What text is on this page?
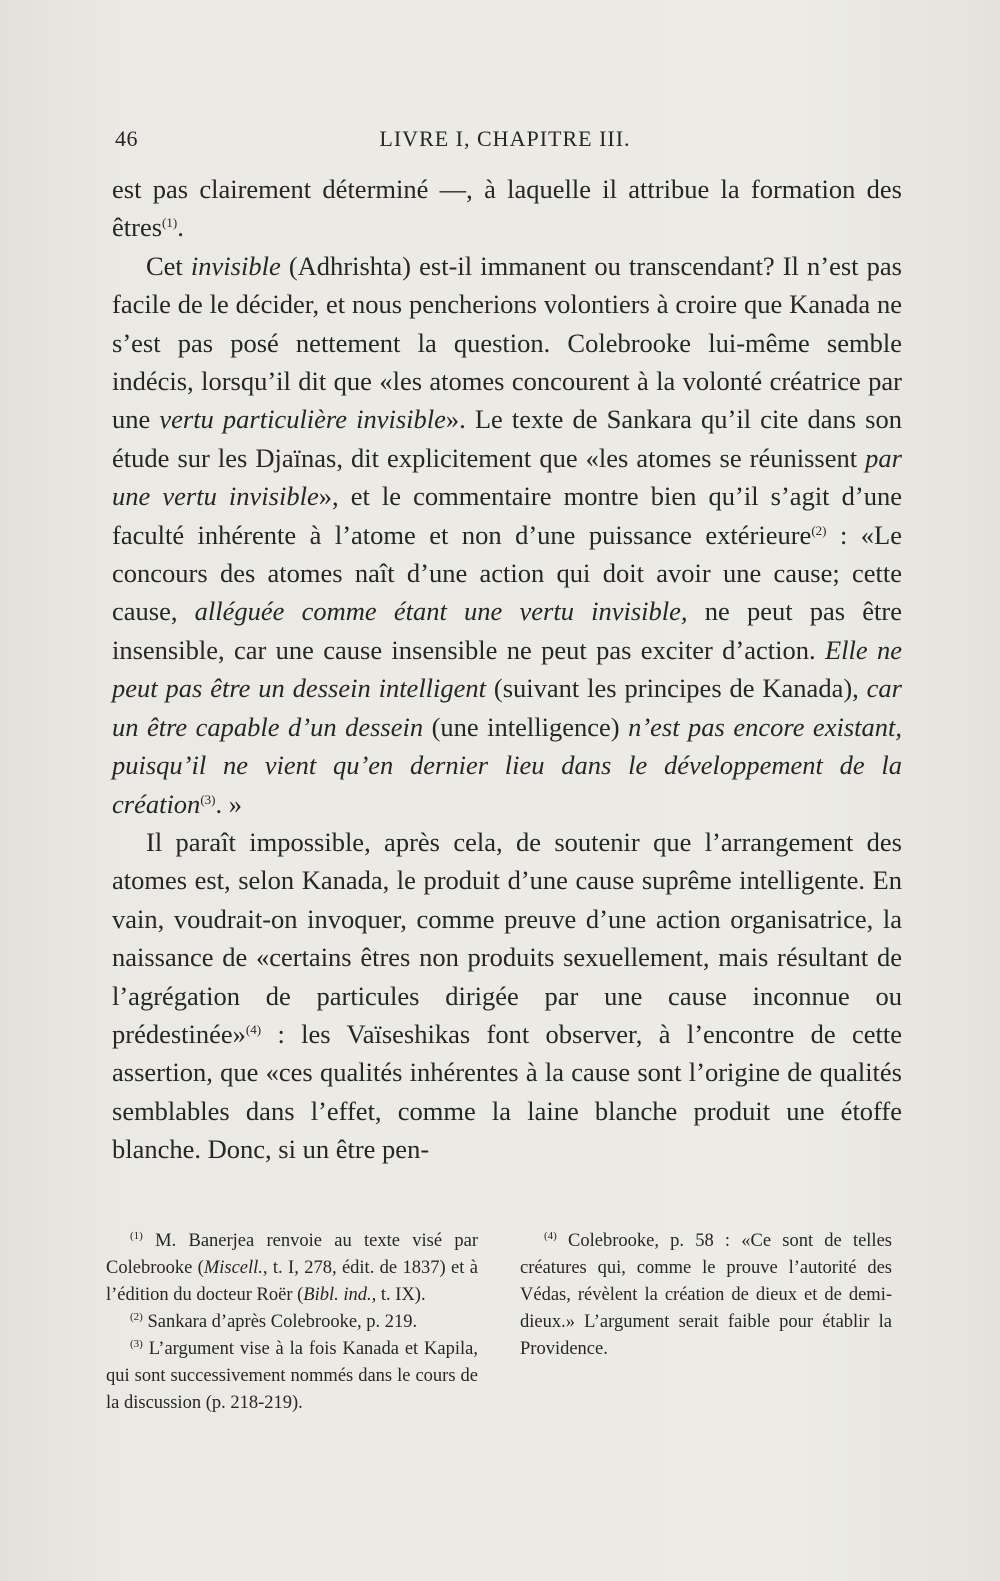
46	LIVRE I, CHAPITRE III.

est pas clairement déterminé —, à laquelle il attribue la formation des êtres$^{(1)}$.

Cet invisible (Adhrishta) est-il immanent ou transcendant? Il n’est pas facile de le décider, et nous pencherions volontiers à croire que Kanada ne s’est pas posé nettement la question. Colebrooke lui-même semble indécis, lorsqu’il dit que «les atomes concourent à la volonté créatrice par une vertu particulière invisible». Le texte de Sankara qu’il cite dans son étude sur les Djaïnas, dit explicitement que «les atomes se réunissent par une vertu invisible», et le commentaire montre bien qu’il s’agit d’une faculté inhérente à l’atome et non d’une puissance extérieure$^{(2)}$ : «Le concours des atomes naît d’une action qui doit avoir une cause; cette cause, alléguée comme étant une vertu invisible, ne peut pas être insensible, car une cause insensible ne peut pas exciter d’action. Elle ne peut pas être un dessein intelligent (suivant les principes de Kanada), car un être capable d’un dessein (une intelligence) n’est pas encore existant, puisqu’il ne vient qu’en dernier lieu dans le développement de la création$^{(3)}$. »

Il paraît impossible, après cela, de soutenir que l’arrangement des atomes est, selon Kanada, le produit d’une cause suprême intelligente. En vain, voudrait-on invoquer, comme preuve d’une action organisatrice, la naissance de «certains êtres non produits sexuellement, mais résultant de l’agrégation de particules dirigée par une cause inconnue ou prédestinée»$^{(4)}$ : les Vaïseshikas font observer, à l’encontre de cette assertion, que «ces qualités inhérentes à la cause sont l’origine de qualités semblables dans l’effet, comme la laine blanche produit une étoffe blanche. Donc, si un être pen-

$^{(1)}$ M. Banerjea renvoie au texte visé par Colebrooke (Miscell., t. I, 278, édit. de 1837) et à l’édition du docteur Roër (Bibl. ind., t. IX).

$^{(2)}$ Sankara d’après Colebrooke, p. 219.

$^{(3)}$ L’argument vise à la fois Kanada et Kapila, qui sont successivement nommés dans le cours de la discussion (p. 218-219).

$^{(4)}$ Colebrooke, p. 58 : «Ce sont de telles créatures qui, comme le prouve l’autorité des Védas, révèlent la création de dieux et de demi-dieux.» L’argument serait faible pour établir la Providence.
